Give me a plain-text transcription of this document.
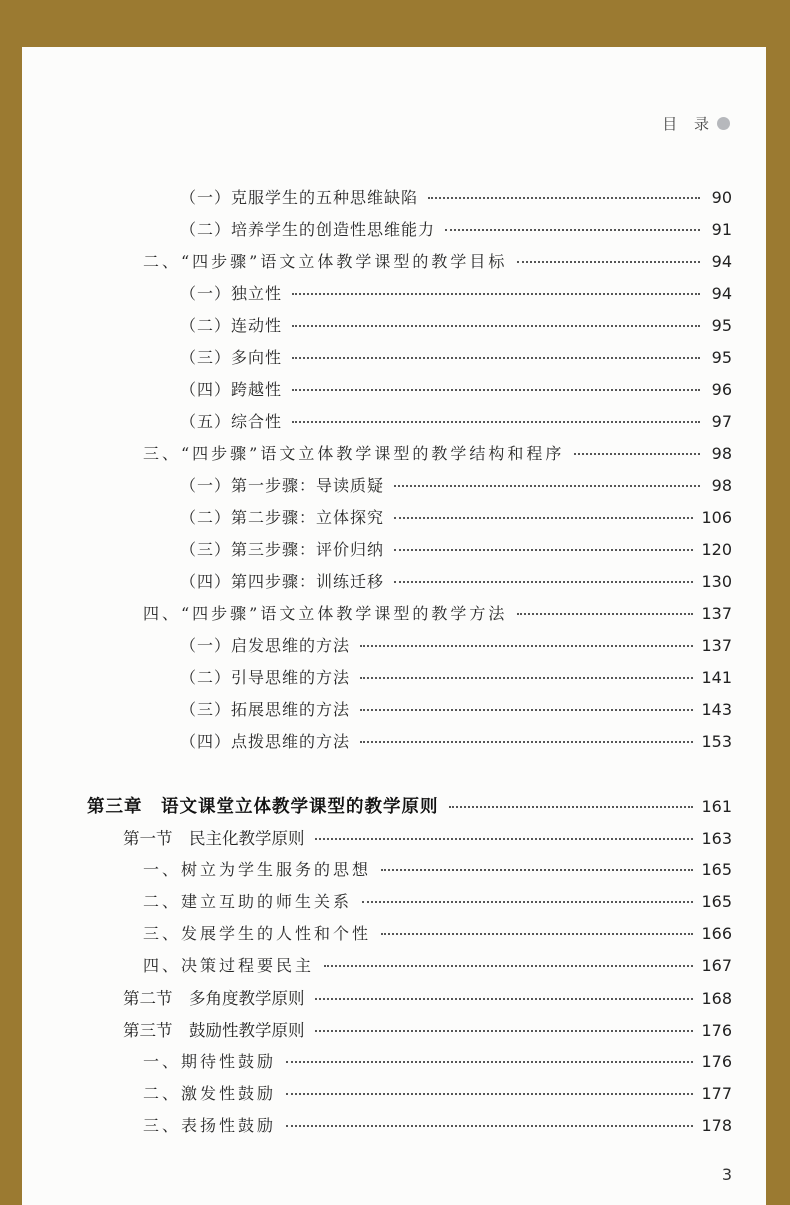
目 录
（一）克服学生的五种思维缺陷	90
（二）培养学生的创造性思维能力	91
二、“四步骤”语文立体教学课型的教学目标	94
（一）独立性	94
（二）连动性	95
（三）多向性	95
（四）跨越性	96
（五）综合性	97
三、“四步骤”语文立体教学课型的教学结构和程序	98
（一）第一步骤：导读质疑	98
（二）第二步骤：立体探究	106
（三）第三步骤：评价归纳	120
（四）第四步骤：训练迁移	130
四、“四步骤”语文立体教学课型的教学方法	137
（一）启发思维的方法	137
（二）引导思维的方法	141
（三）拓展思维的方法	143
（四）点拨思维的方法	153
第三章　语文课堂立体教学课型的教学原则	161
第一节　民主化教学原则	163
一、树立为学生服务的思想	165
二、建立互助的师生关系	165
三、发展学生的人性和个性	166
四、决策过程要民主	167
第二节　多角度教学原则	168
第三节　鼓励性教学原则	176
一、期待性鼓励	176
二、激发性鼓励	177
三、表扬性鼓励	178
3
